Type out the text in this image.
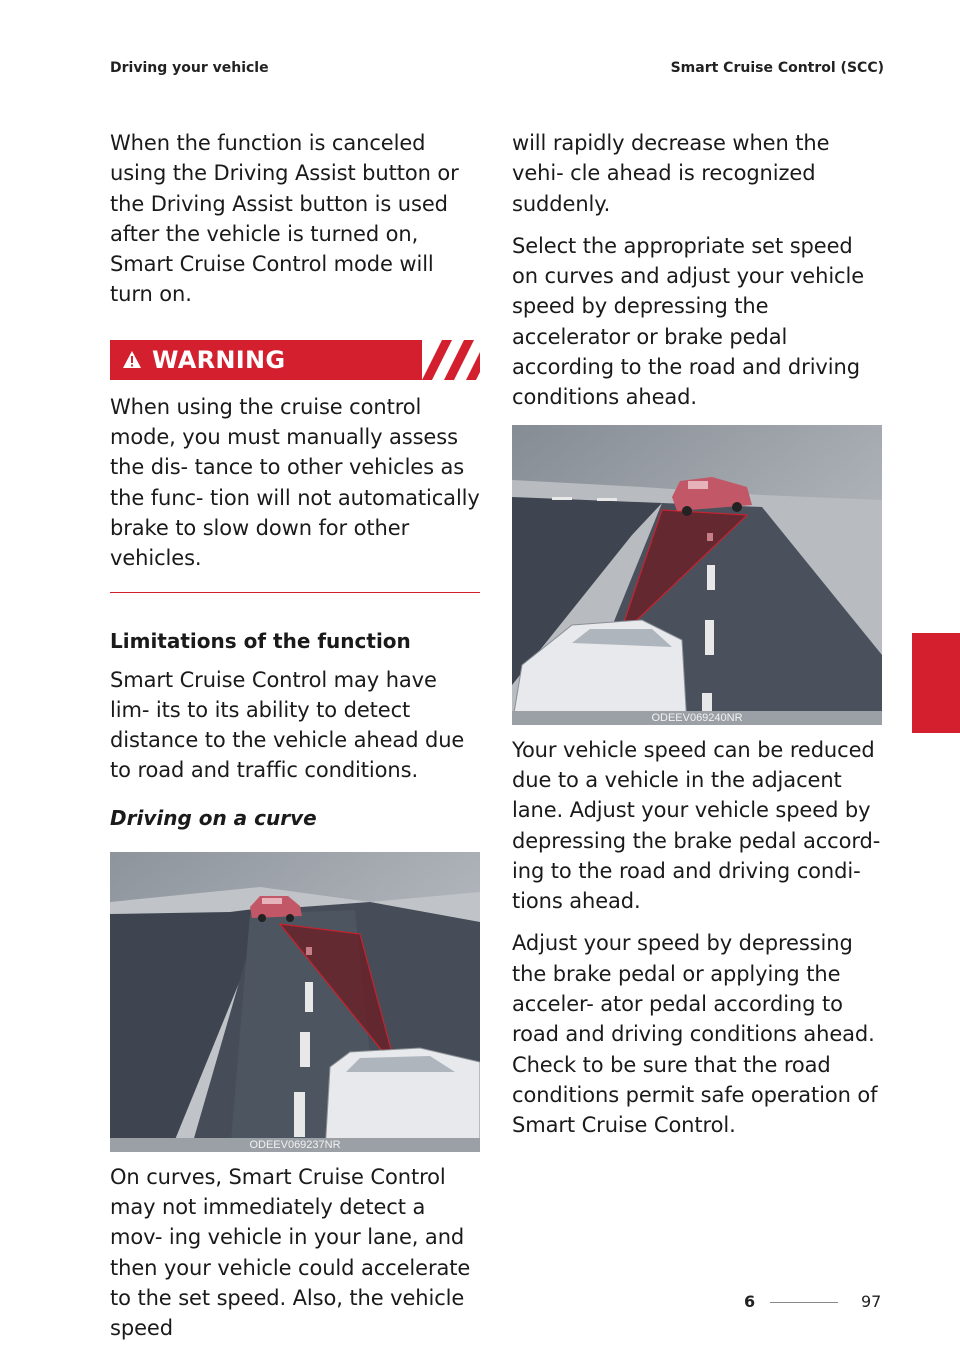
Driving your vehicle	Smart Cruise Control (SCC)

When the function is canceled using the Driving Assist button or the Driving Assist button is used after the vehicle is turned on, Smart Cruise Control mode will turn on.

WARNING

When using the cruise control mode, you must manually assess the dis- tance to other vehicles as the func- tion will not automatically brake to slow down for other vehicles.

Limitations of the function

Smart Cruise Control may have lim- its to its ability to detect distance to the vehicle ahead due to road and traffic conditions.

Driving on a curve
ODEEV069237NR

On curves, Smart Cruise Control may not immediately detect a mov- ing vehicle in your lane, and then your vehicle could accelerate to the set speed. Also, the vehicle speed

will rapidly decrease when the vehi- cle ahead is recognized suddenly.

Select the appropriate set speed on curves and adjust your vehicle speed by depressing the accelerator or brake pedal according to the road and driving conditions ahead.

ODEEV069240NR

Your vehicle speed can be reduced due to a vehicle in the adjacent lane. Adjust your vehicle speed by depressing the brake pedal accord- ing to the road and driving condi- tions ahead.

Adjust your speed by depressing the brake pedal or applying the acceler- ator pedal according to road and driving conditions ahead. Check to be sure that the road conditions permit safe operation of Smart Cruise Control.

6
6	97
